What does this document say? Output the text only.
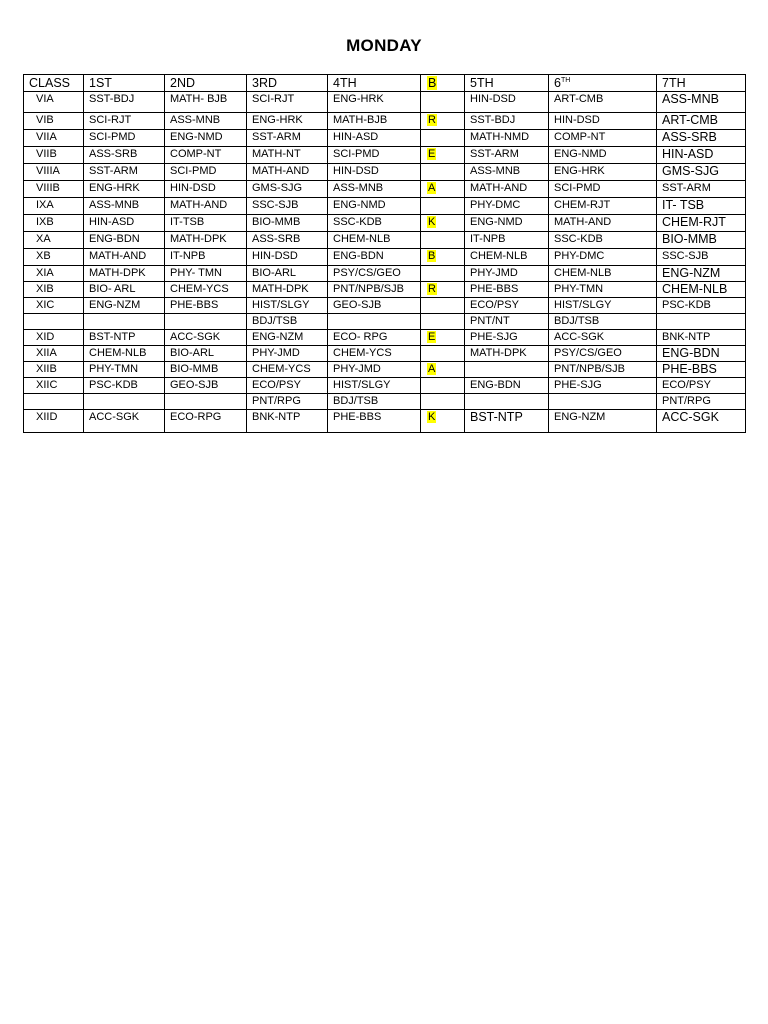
MONDAY
CLASS	1ST	2ND	3RD	4TH	B	5TH	6TH	7TH
VIA	SST-BDJ	MATH- BJB	SCI-RJT	ENG-HRK		HIN-DSD	ART-CMB	ASS-MNB
VIB	SCI-RJT	ASS-MNB	ENG-HRK	MATH-BJB	R	SST-BDJ	HIN-DSD	ART-CMB
VIIA	SCI-PMD	ENG-NMD	SST-ARM	HIN-ASD		MATH-NMD	COMP-NT	ASS-SRB
VIIB	ASS-SRB	COMP-NT	MATH-NT	SCI-PMD	E	SST-ARM	ENG-NMD	HIN-ASD
VIIIA	SST-ARM	SCI-PMD	MATH-AND	HIN-DSD		ASS-MNB	ENG-HRK	GMS-SJG
VIIIB	ENG-HRK	HIN-DSD	GMS-SJG	ASS-MNB	A	MATH-AND	SCI-PMD	SST-ARM
IXA	ASS-MNB	MATH-AND	SSC-SJB	ENG-NMD		PHY-DMC	CHEM-RJT	IT- TSB
IXB	HIN-ASD	IT-TSB	BIO-MMB	SSC-KDB	K	ENG-NMD	MATH-AND	CHEM-RJT
XA	ENG-BDN	MATH-DPK	ASS-SRB	CHEM-NLB		IT-NPB	SSC-KDB	BIO-MMB
XB	MATH-AND	IT-NPB	HIN-DSD	ENG-BDN	B	CHEM-NLB	PHY-DMC	SSC-SJB
XIA	MATH-DPK	PHY- TMN	BIO-ARL	PSY/CS/GEO		PHY-JMD	CHEM-NLB	ENG-NZM
XIB	BIO- ARL	CHEM-YCS	MATH-DPK	PNT/NPB/SJB	R	PHE-BBS	PHY-TMN	CHEM-NLB
XIC	ENG-NZM	PHE-BBS	HIST/SLGY	GEO-SJB		ECO/PSY	HIST/SLGY	PSC-KDB
			BDJ/TSB			PNT/NT	BDJ/TSB	
XID	BST-NTP	ACC-SGK	ENG-NZM	ECO- RPG	E	PHE-SJG	ACC-SGK	BNK-NTP
XIIA	CHEM-NLB	BIO-ARL	PHY-JMD	CHEM-YCS		MATH-DPK	PSY/CS/GEO	ENG-BDN
XIIB	PHY-TMN	BIO-MMB	CHEM-YCS	PHY-JMD	A		PNT/NPB/SJB	PHE-BBS
XIIC	PSC-KDB	GEO-SJB	ECO/PSY	HIST/SLGY		ENG-BDN	PHE-SJG	ECO/PSY
			PNT/RPG	BDJ/TSB				PNT/RPG
XIID	ACC-SGK	ECO-RPG	BNK-NTP	PHE-BBS	K	BST-NTP	ENG-NZM	ACC-SGK
